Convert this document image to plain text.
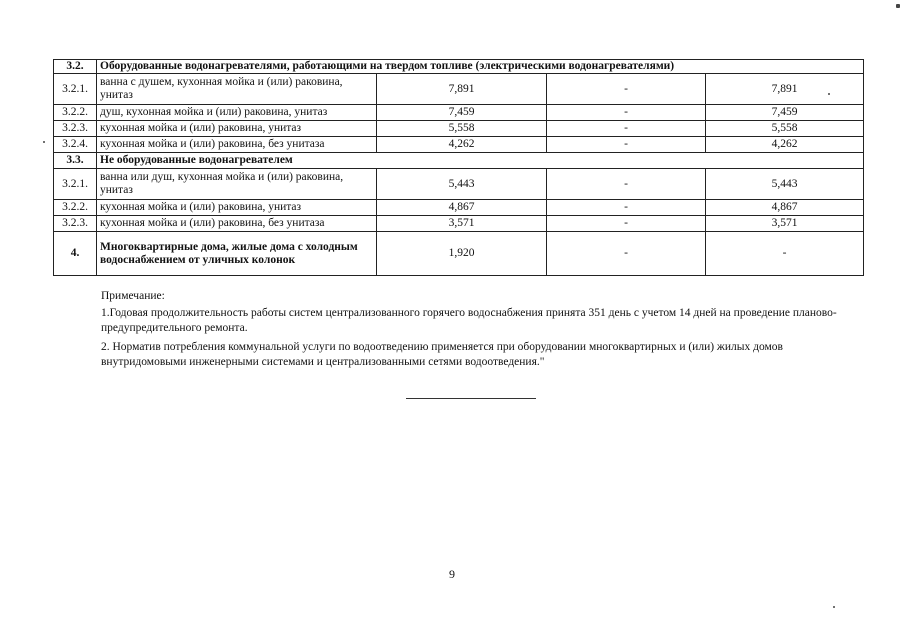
3.2.	Оборудованные водонагревателями, работающими на твердом топливе (электрическими водонагревателями)			
3.2.1.	ванна с душем, кухонная мойка и (или) раковина, унитаз	7,891	-	7,891
3.2.2.	душ, кухонная мойка и (или) раковина, унитаз	7,459	-	7,459
3.2.3.	кухонная мойка и (или) раковина, унитаз	5,558	-	5,558
3.2.4.	кухонная мойка и (или) раковина, без унитаза	4,262	-	4,262
3.3.	Не оборудованные водонагревателем			
3.2.1.	ванна или душ, кухонная мойка и (или) раковина, унитаз	5,443	-	5,443
3.2.2.	кухонная мойка и (или) раковина, унитаз	4,867	-	4,867
3.2.3.	кухонная мойка и (или) раковина, без унитаза	3,571	-	3,571
4.	Многоквартирные дома, жилые дома с холодным водоснабжением от уличных колонок	1,920	-	-

Примечание:

1.Годовая продолжительность работы систем централизованного горячего водоснабжения принята 351 день с учетом 14 дней на проведение планово-предупредительного ремонта.

2. Норматив потребления коммунальной услуги по водоотведению применяется при оборудовании многоквартирных и (или) жилых домов внутридомовыми инженерными системами и централизованными сетями водоотведения."

9
